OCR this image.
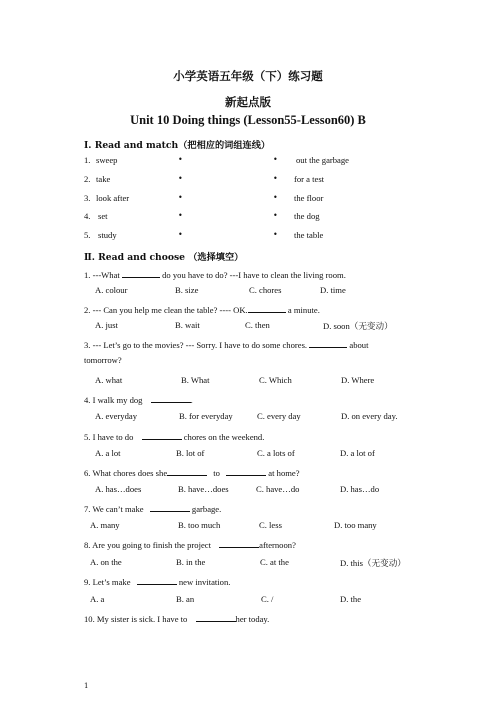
小学英语五年级（下）练习题
新起点版
Unit 10 Doing things (Lesson55-Lesson60) B
Ⅰ. Read and match（把相应的词组连线）
1. sweep	•	• out the garbage
2. take	•	• for a test
3. look after	•	• the floor
4. set	•	• the dog
5. study	•	• the table
Ⅱ. Read and choose （选择填空）
1. ---What	do you have to do? ---I have to clean the living room.
A. colour	B. size	C. chores	D. time
2. --- Can you help me clean the table? ---- OK.	a minute.
A. just	B. wait	C. then	D. soon（无变动）
3. --- Let’s go to the movies? --- Sorry. I have to do some chores.	about
tomorrow?
A. what	B. What	C. Which	D. Where
4. I walk my dog	.
A. everyday	B. for everyday	C. every day	D. on every day.
5. I have to do	chores on the weekend.
A. a lot	B. lot of	C. a lots of	D. a lot of
6. What chores does she	to	at home?
A. has…does	B. have…does	C. have…do	D. has…do
7. We can’t make	garbage.
A. many	B. too much	C. less	D. too many
8. Are you going to finish the project	afternoon?
A. on the	B. in the	C. at the	D. this（无变动）
9. Let’s make	new invitation.
A. a	B. an	C. /	D. the
10. My sister is sick. I have to	her today.
1
